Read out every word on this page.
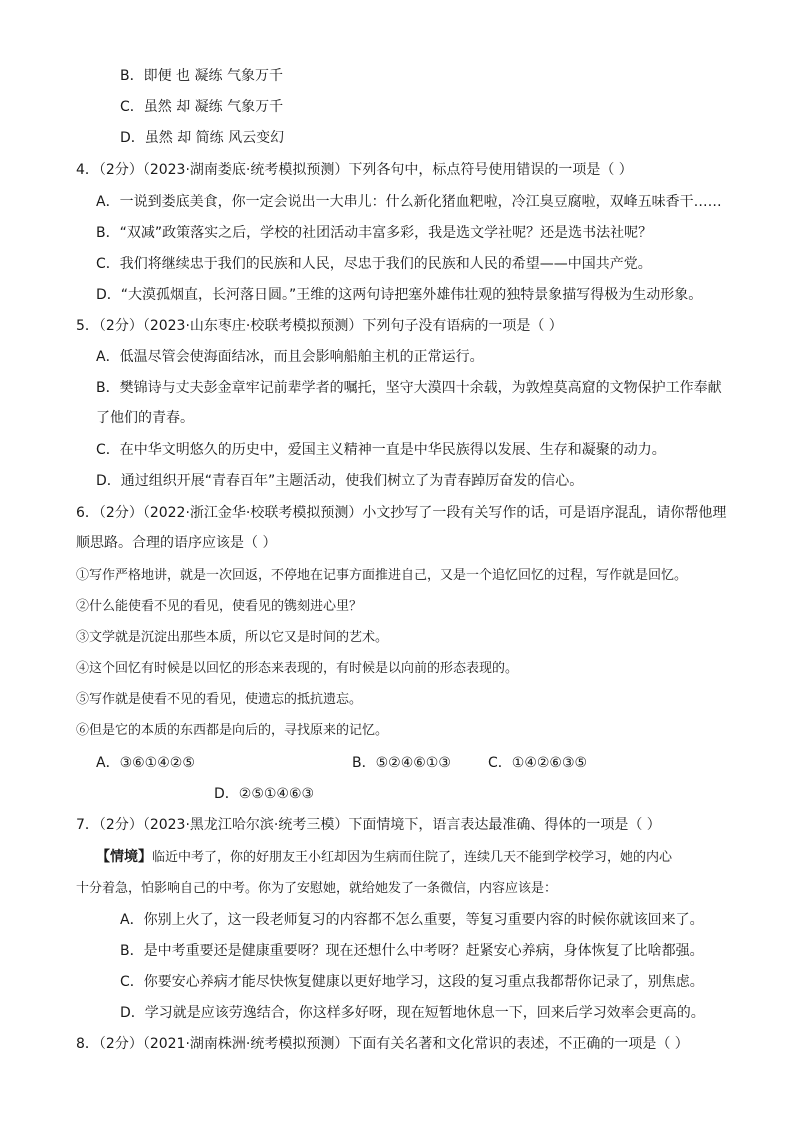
B．即便 也 凝练 气象万千
C．虽然 却 凝练 气象万千
D．虽然 却 简练 风云变幻
4．（2分）（2023·湖南娄底·统考模拟预测）下列各句中，标点符号使用错误的一项是（ ）
A．一说到娄底美食，你一定会说出一大串儿：什么新化猪血粑啦，冷江臭豆腐啦，双峰五味香干……
B．“双减”政策落实之后，学校的社团活动丰富多彩，我是选文学社呢？还是选书法社呢？
C．我们将继续忠于我们的民族和人民，尽忠于我们的民族和人民的希望——中国共产党。
D．“大漠孤烟直，长河落日圆。”王维的这两句诗把塞外雄伟壮观的独特景象描写得极为生动形象。
5．（2分）（2023·山东枣庄·校联考模拟预测）下列句子没有语病的一项是（ ）
A．低温尽管会使海面结冰，而且会影响船舶主机的正常运行。
B．樊锦诗与丈夫彭金章牢记前辈学者的嘱托，坚守大漠四十余载，为敦煌莫高窟的文物保护工作奉献
了他们的青春。
C．在中华文明悠久的历史中，爱国主义精神一直是中华民族得以发展、生存和凝聚的动力。
D．通过组织开展“青春百年”主题活动，使我们树立了为青春踔厉奋发的信心。
6．（2分）（2022·浙江金华·校联考模拟预测）小文抄写了一段有关写作的话，可是语序混乱，请你帮他理
顺思路。合理的语序应该是（ ）
①写作严格地讲，就是一次回返，不停地在记事方面推进自己，又是一个追忆回忆的过程，写作就是回忆。
②什么能使看不见的看见，使看见的镌刻进心里？
③文学就是沉淀出那些本质，所以它又是时间的艺术。
④这个回忆有时候是以回忆的形态来表现的，有时候是以向前的形态表现的。
⑤写作就是使看不见的看见，使遗忘的抵抗遗忘。
⑥但是它的本质的东西都是向后的，寻找原来的记忆。
A．③⑥①④②⑤	B．⑤②④⑥①③	C．①④②⑥③⑤
D．②⑤①④⑥③
7．（2分）（2023·黑龙江哈尔滨·统考三模）下面情境下，语言表达最准确、得体的一项是（ ）
【情境】临近中考了，你的好朋友王小红却因为生病而住院了，连续几天不能到学校学习，她的内心
十分着急，怕影响自己的中考。你为了安慰她，就给她发了一条微信，内容应该是：
A．你别上火了，这一段老师复习的内容都不怎么重要，等复习重要内容的时候你就该回来了。
B．是中考重要还是健康重要呀？现在还想什么中考呀？赶紧安心养病，身体恢复了比啥都强。
C．你要安心养病才能尽快恢复健康以更好地学习，这段的复习重点我都帮你记录了，别焦虑。
D．学习就是应该劳逸结合，你这样多好呀，现在短暂地休息一下，回来后学习效率会更高的。
8．（2分）（2021·湖南株洲·统考模拟预测）下面有关名著和文化常识的表述，不正确的一项是（ ）
